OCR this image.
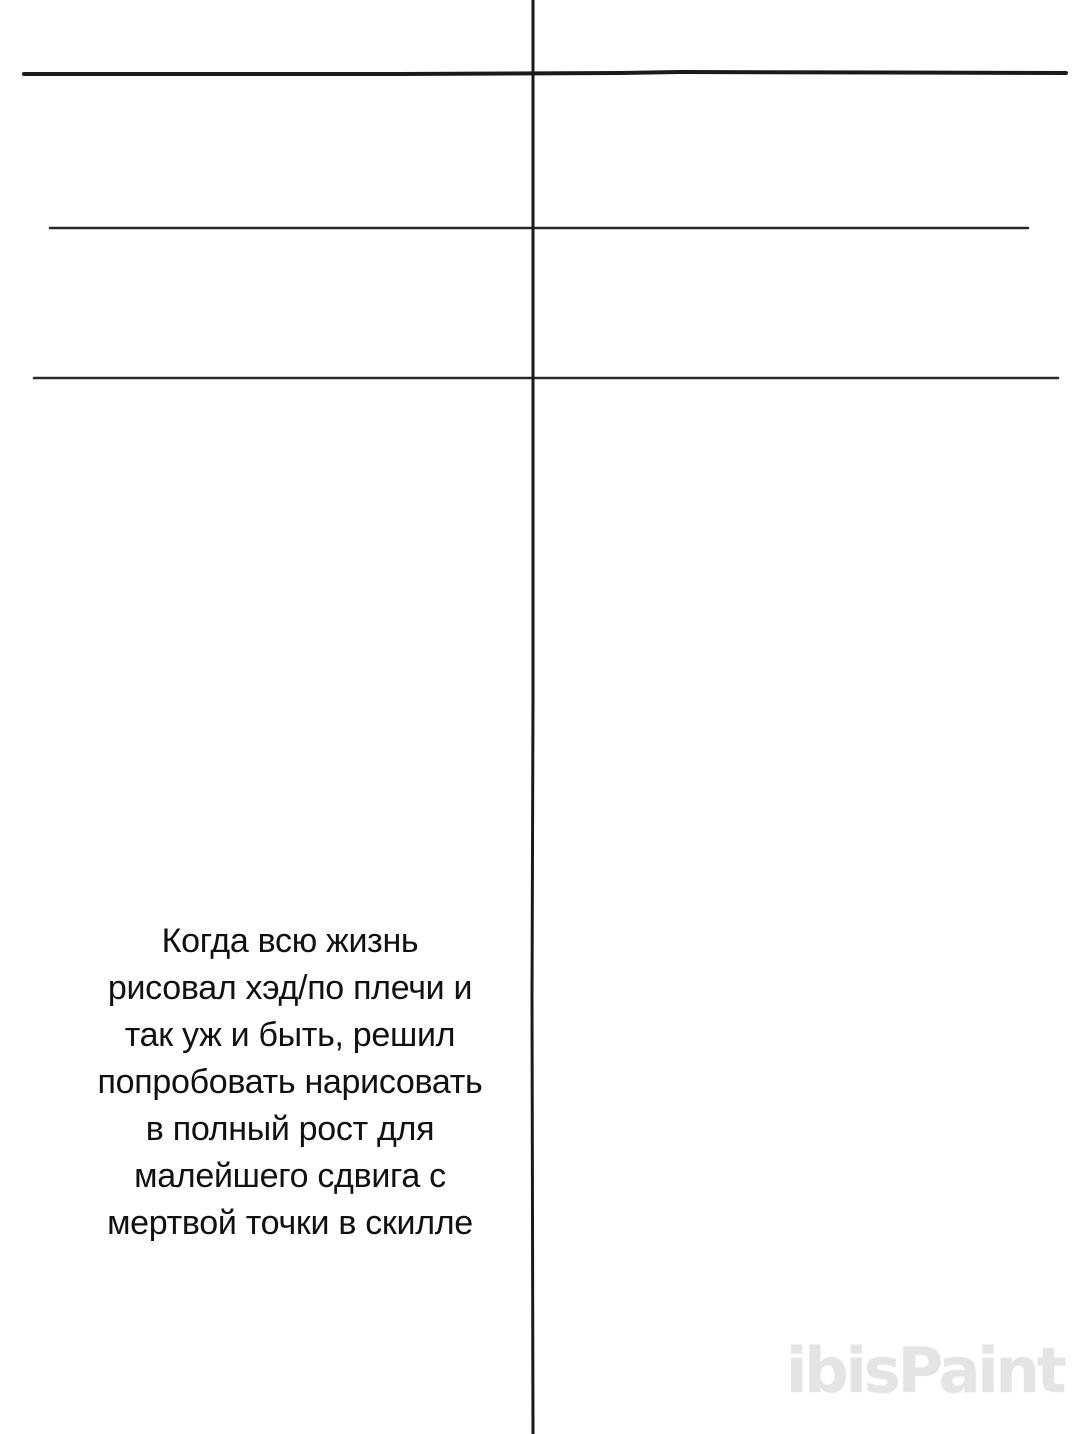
Когда всю жизнь
рисовал хэд/по плечи и
так уж и быть, решил
попробовать нарисовать
в полный рост для
малейшего сдвига с
мертвой точки в скилле

ibisPaint
